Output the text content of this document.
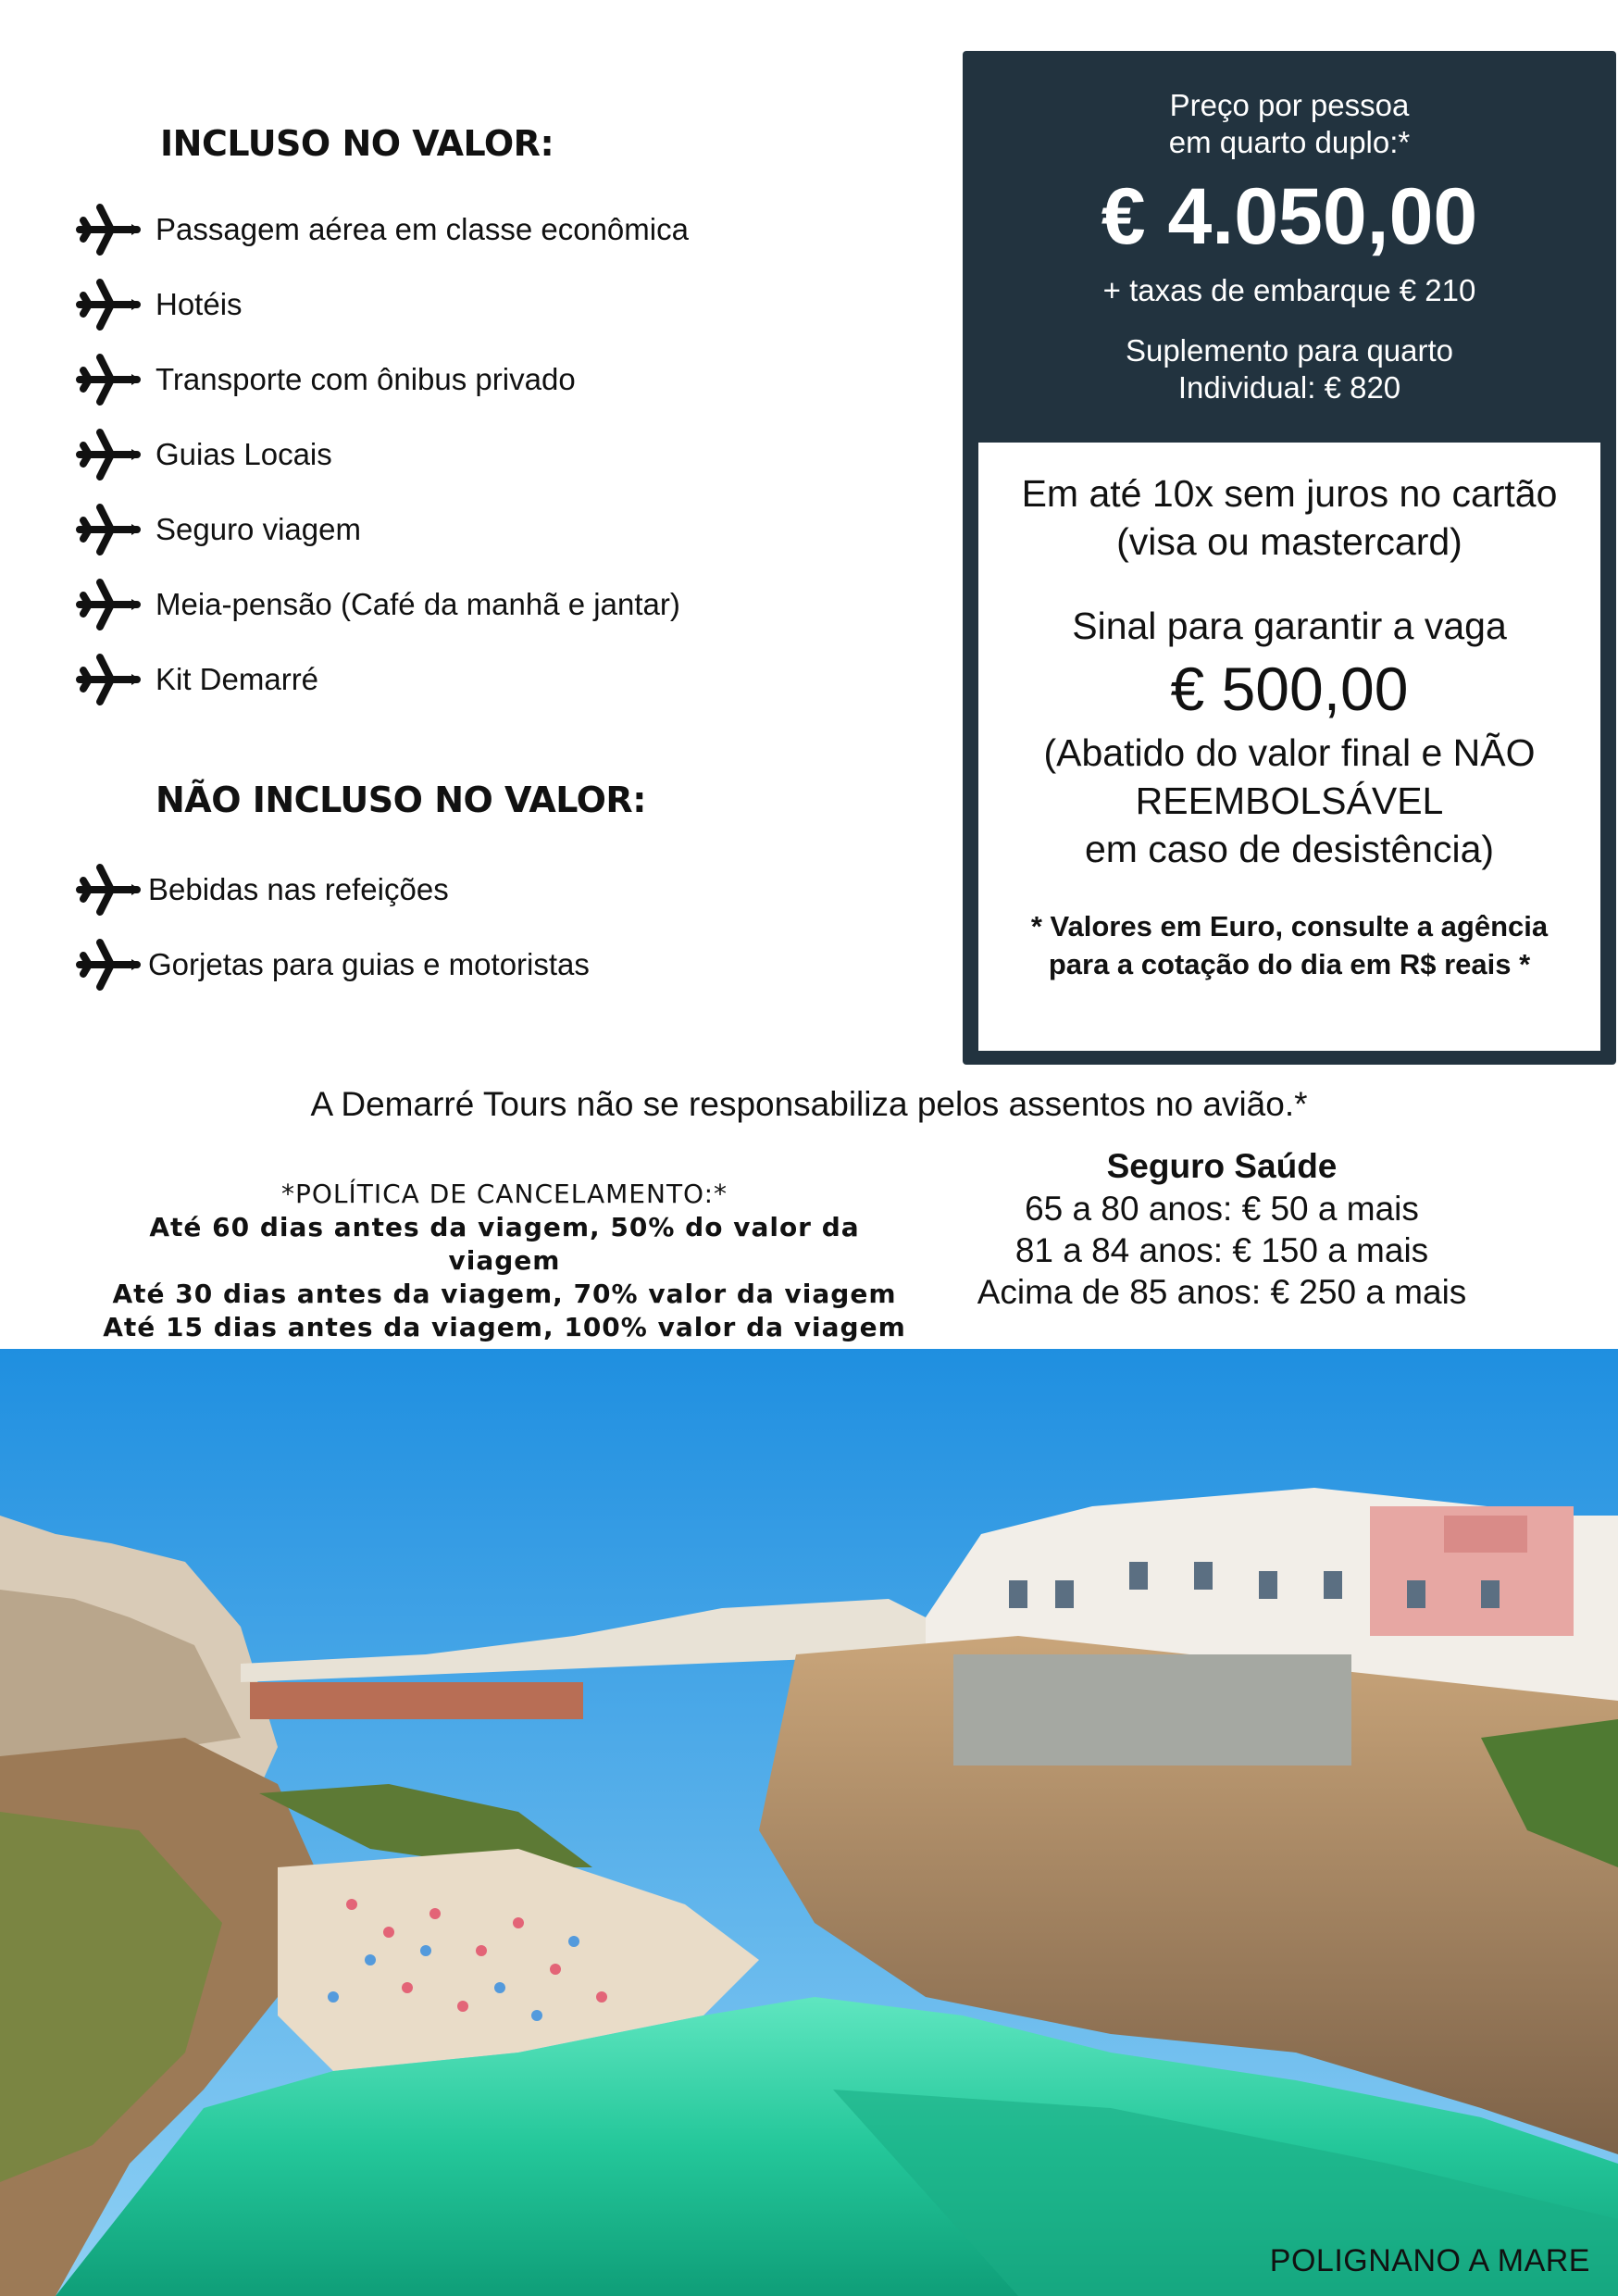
INCLUSO NO VALOR:
Passagem aérea em classe econômica
Hotéis
Transporte com ônibus privado
Guias Locais
Seguro viagem
Meia-pensão (Café da manhã e jantar)
Kit Demarré
NÃO INCLUSO NO VALOR:
Bebidas nas refeições
Gorjetas para guias e motoristas
Preço por pessoa
em quarto duplo:*
€ 4.050,00
+ taxas de embarque € 210
Suplemento para quarto
Individual: € 820
Em até 10x sem juros no cartão
(visa ou mastercard)
Sinal para garantir a vaga
€ 500,00
(Abatido do valor final e NÃO
REEMBOLSÁVEL
em caso de desistência)
* Valores em Euro, consulte a agência
para a cotação do dia em R$ reais *
A Demarré Tours não se responsabiliza pelos assentos no avião.*
*POLÍTICA DE CANCELAMENTO:*
Até 60 dias antes da viagem, 50% do valor da viagem
Até 30 dias antes da viagem, 70% valor da viagem
Até 15 dias antes da viagem, 100% valor da viagem
Seguro Saúde
65 a 80 anos: € 50 a mais
81 a 84 anos: € 150 a mais
Acima de 85 anos: € 250 a mais
POLIGNANO A MARE
